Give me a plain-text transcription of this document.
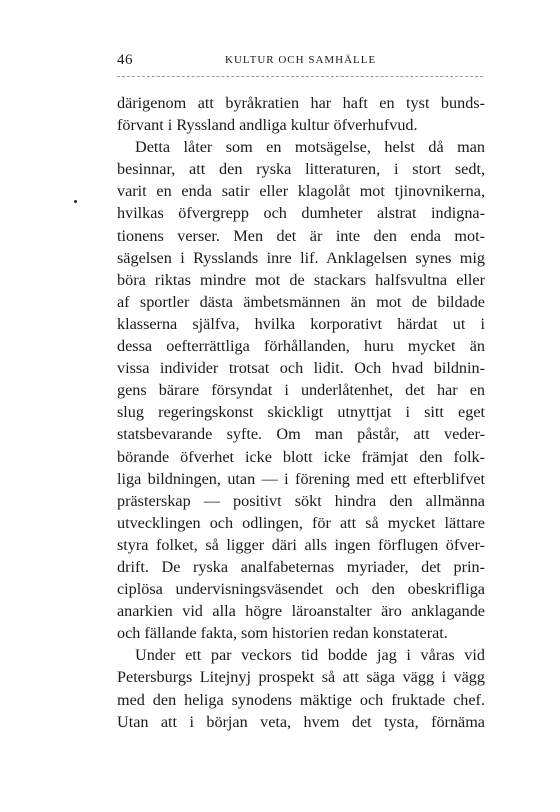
46	KULTUR OCH SAMHÄLLE

därigenom att byråkratien har haft en tyst bunds-
förvant i Ryssland andliga kultur öfverhufvud.

Detta låter som en motsägelse, helst då man
besinnar, att den ryska litteraturen, i stort sedt,
varit en enda satir eller klagolåt mot tjinovnikerna,
hvilkas öfvergrepp och dumheter alstrat indigna-
tionens verser. Men det är inte den enda mot-
sägelsen i Rysslands inre lif. Anklagelsen synes mig
böra riktas mindre mot de stackars halfsvultna eller
af sportler dästa ämbetsmännen än mot de bildade
klasserna själfva, hvilka korporativt härdat ut i
dessa oefterrättliga förhållanden, huru mycket än
vissa individer trotsat och lidit. Och hvad bildnin-
gens bärare försyndat i underlåtenhet, det har en
slug regeringskonst skickligt utnyttjat i sitt eget
statsbevarande syfte. Om man påstår, att veder-
börande öfverhet icke blott icke främjat den folk-
liga bildningen, utan — i förening med ett efterblifvet
prästerskap — positivt sökt hindra den allmänna
utvecklingen och odlingen, för att så mycket lättare
styra folket, så ligger däri alls ingen förflugen öfver-
drift. De ryska analfabeternas myriader, det prin-
ciplösa undervisningsväsendet och den obeskrifliga
anarkien vid alla högre läroanstalter äro anklagande
och fällande fakta, som historien redan konstaterat.

Under ett par veckors tid bodde jag i våras vid
Petersburgs Litejnyj prospekt så att säga vägg i vägg
med den heliga synodens mäktige och fruktade chef.
Utan att i början veta, hvem det tysta, förnäma
